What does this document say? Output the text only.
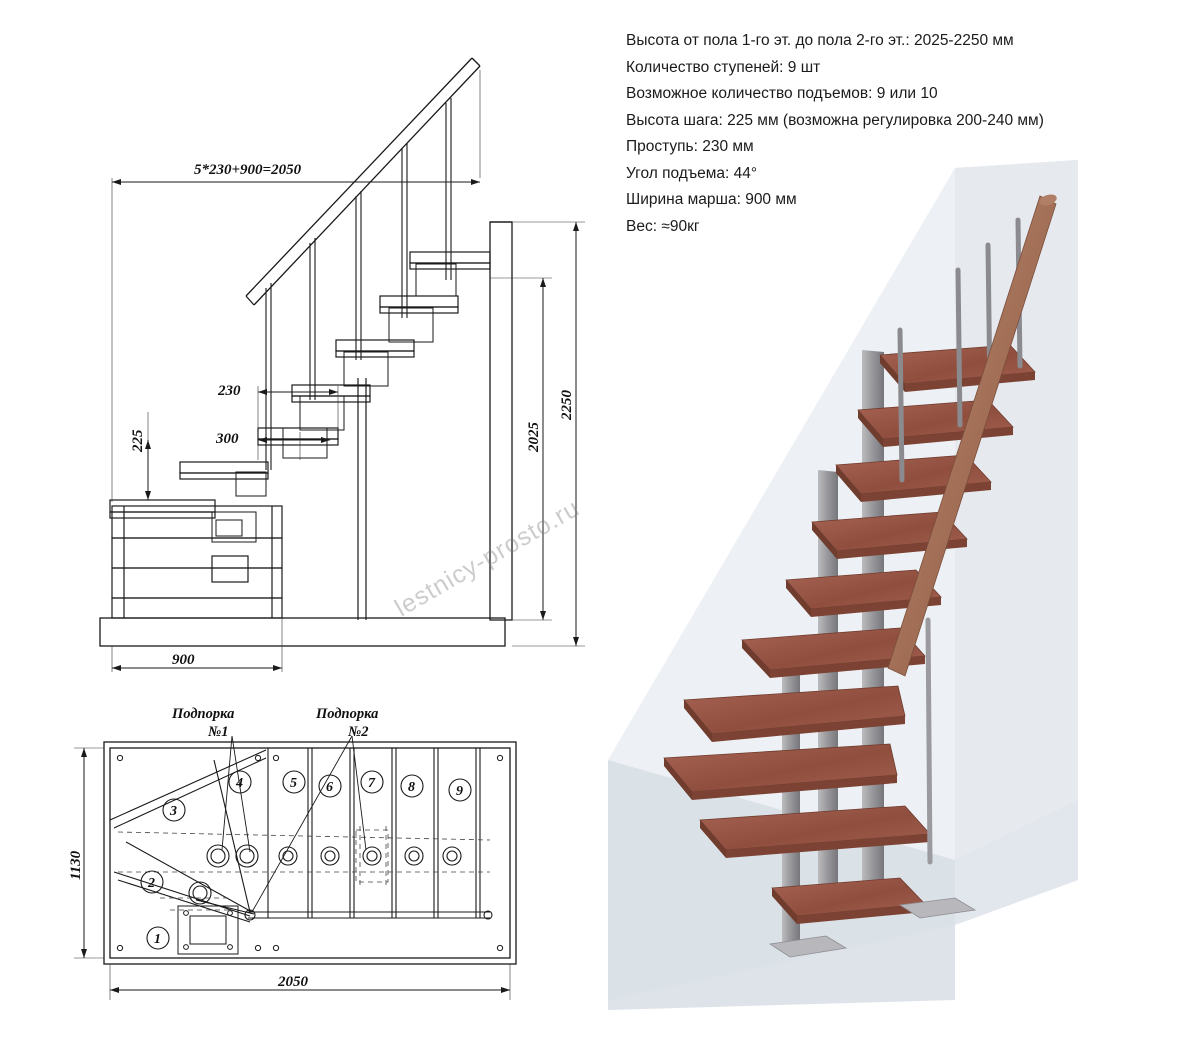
Высота от пола 1-го эт. до пола 2-го эт.: 2025-2250 мм
Количество ступеней: 9 шт
Возможное количество подъемов: 9 или 10
Высота шага: 225 мм (возможна регулировка 200-240 мм)
Проступь: 230 мм
Угол подъема: 44°
Ширина марша: 900 мм
Вес: ≈90кг
5*230+900=2050
230
300
225	2025
2250
900
1
2
3
4	5 6	7 8	9
1130
2050
Подпорка
№1
Подпорка
№2
lestnicy-prosto.ru
